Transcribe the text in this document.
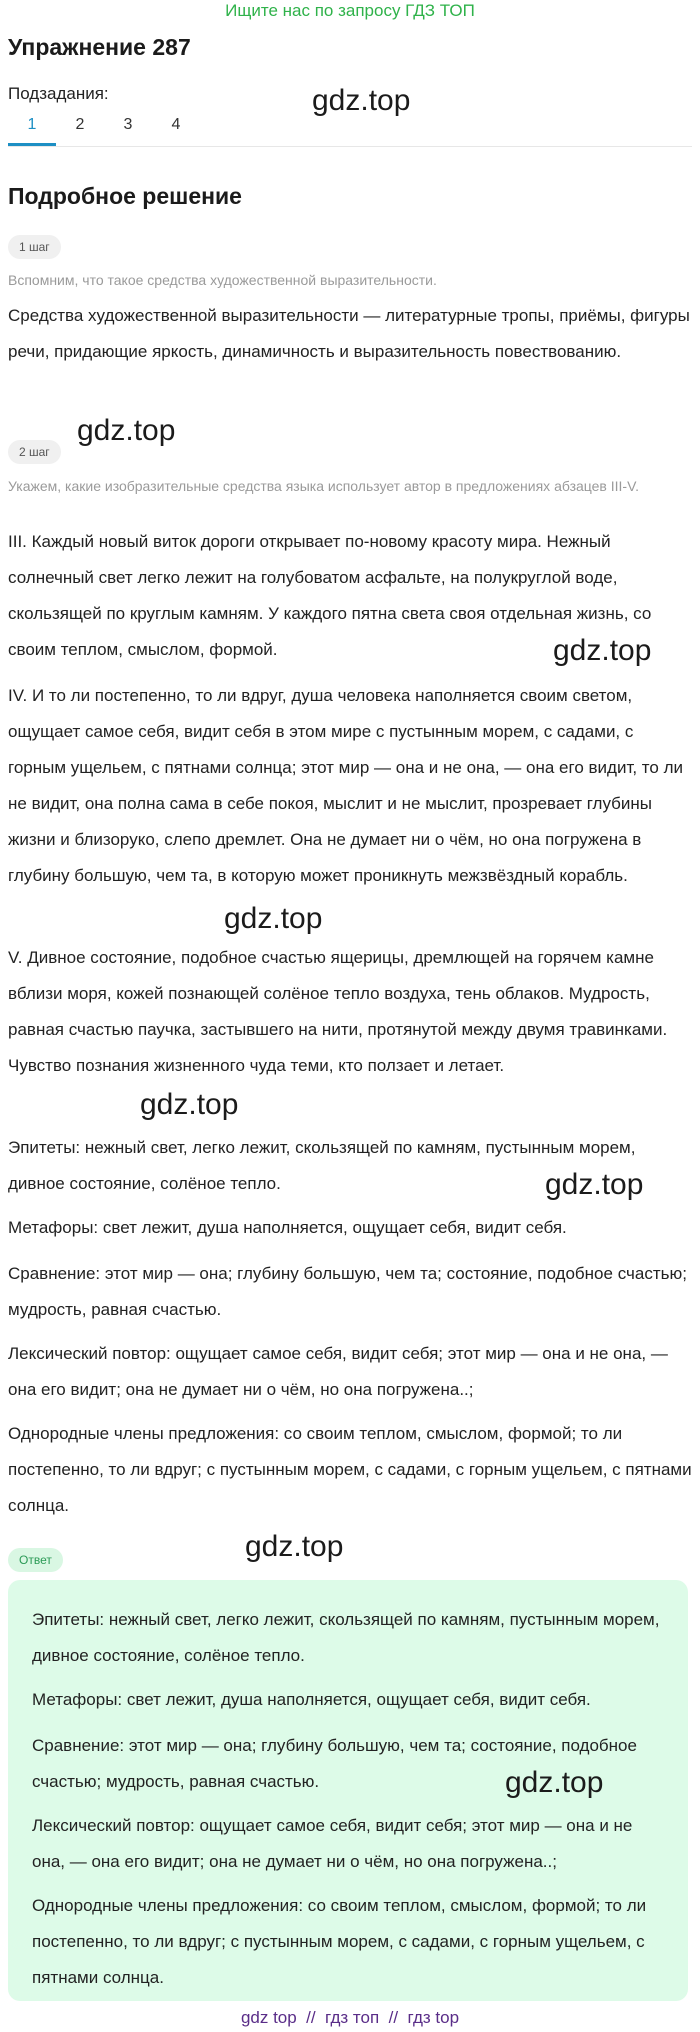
Ищите нас по запросу ГДЗ ТОП
Упражнение 287
Подзадания:
1	2	3	4
Подробное решение
1 шаг
Вспомним, что такое средства художественной выразительности.

Средства художественной выразительности — литературные тропы, приёмы, фигуры речи, придающие яркость, динамичность и выразительность повествованию.

2 шаг
Укажем, какие изобразительные средства языка использует автор в предложениях абзацев III-V.

III. Каждый новый виток дороги открывает по-новому красоту мира. Нежный солнечный свет легко лежит на голубоватом асфальте, на полукруглой воде, скользящей по круглым камням. У каждого пятна света своя отдельная жизнь, со своим теплом, смыслом, формой.

IV. И то ли постепенно, то ли вдруг, душа человека наполняется своим светом, ощущает самое себя, видит себя в этом мире с пустынным морем, с садами, с горным ущельем, с пятнами солнца; этот мир — она и не она, — она его видит, то ли не видит, она полна сама в себе покоя, мыслит и не мыслит, прозревает глубины жизни и близоруко, слепо дремлет. Она не думает ни о чём, но она погружена в глубину большую, чем та, в которую может проникнуть межзвёздный корабль.

V. Дивное состояние, подобное счастью ящерицы, дремлющей на горячем камне вблизи моря, кожей познающей солёное тепло воздуха, тень облаков. Мудрость, равная счастью паучка, застывшего на нити, протянутой между двумя травинками. Чувство познания жизненного чуда теми, кто ползает и летает.

Эпитеты: нежный свет, легко лежит, скользящей по камням, пустынным морем, дивное состояние, солёное тепло.

Метафоры: свет лежит, душа наполняется, ощущает себя, видит себя.

Сравнение: этот мир — она; глубину большую, чем та; состояние, подобное счастью; мудрость, равная счастью.

Лексический повтор: ощущает самое себя, видит себя; этот мир — она и не она, — она его видит; она не думает ни о чём, но она погружена..;

Однородные члены предложения: со своим теплом, смыслом, формой; то ли постепенно, то ли вдруг; с пустынным морем, с садами, с горным ущельем, с пятнами солнца.

Ответ

Эпитеты: нежный свет, легко лежит, скользящей по камням, пустынным морем, дивное состояние, солёное тепло.

Метафоры: свет лежит, душа наполняется, ощущает себя, видит себя.

Сравнение: этот мир — она; глубину большую, чем та; состояние, подобное счастью; мудрость, равная счастью.

Лексический повтор: ощущает самое себя, видит себя; этот мир — она и не она, — она его видит; она не думает ни о чём, но она погружена..;

Однородные члены предложения: со своим теплом, смыслом, формой; то ли постепенно, то ли вдруг; с пустынным морем, с садами, с горным ущельем, с пятнами солнца.

gdz.top
gdz.top
gdz.top
gdz.top
gdz.top
gdz.top
gdz.top
gdz.top
gdz top  //  гдз топ  //  гдз top
